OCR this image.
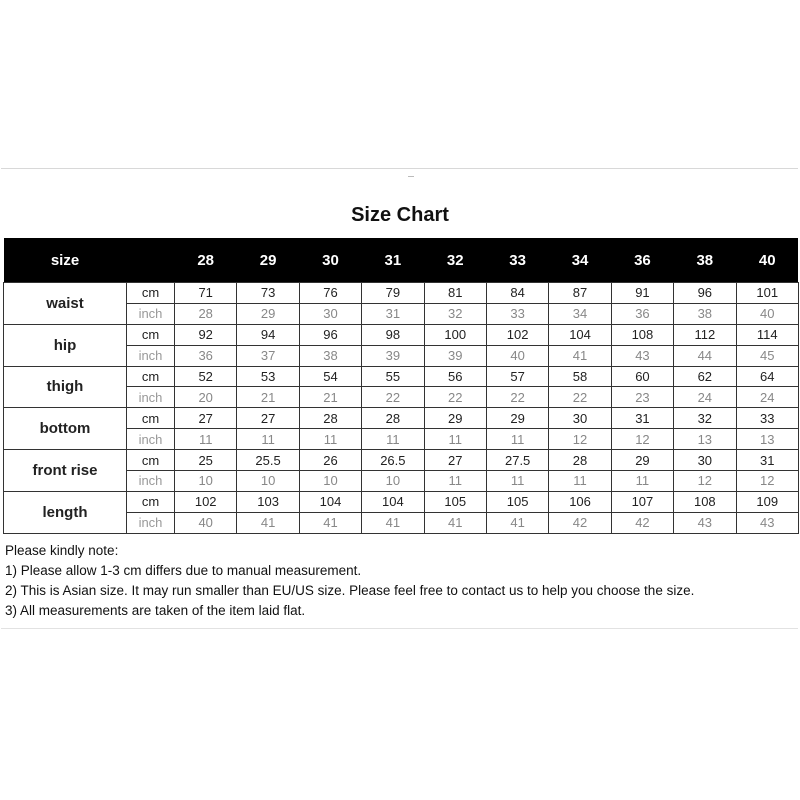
Size Chart
size		28	29	30	31	32	33	34	36	38	40
waist	cm	71	73	76	79	81	84	87	91	96	101
	inch	28	29	30	31	32	33	34	36	38	40
hip	cm	92	94	96	98	100	102	104	108	112	114
	inch	36	37	38	39	39	40	41	43	44	45
thigh	cm	52	53	54	55	56	57	58	60	62	64
	inch	20	21	21	22	22	22	22	23	24	24
bottom	cm	27	27	28	28	29	29	30	31	32	33
	inch	11	11	11	11	11	11	12	12	13	13
front rise	cm	25	25.5	26	26.5	27	27.5	28	29	30	31
	inch	10	10	10	10	11	11	11	11	12	12
length	cm	102	103	104	104	105	105	106	107	108	109
	inch	40	41	41	41	41	41	42	42	43	43
Please kindly note:
1) Please allow 1-3 cm differs due to manual measurement.
2) This is Asian size. It may run smaller than EU/US size. Please feel free to contact us to help you choose the size.
3) All measurements are taken of the item laid flat.
